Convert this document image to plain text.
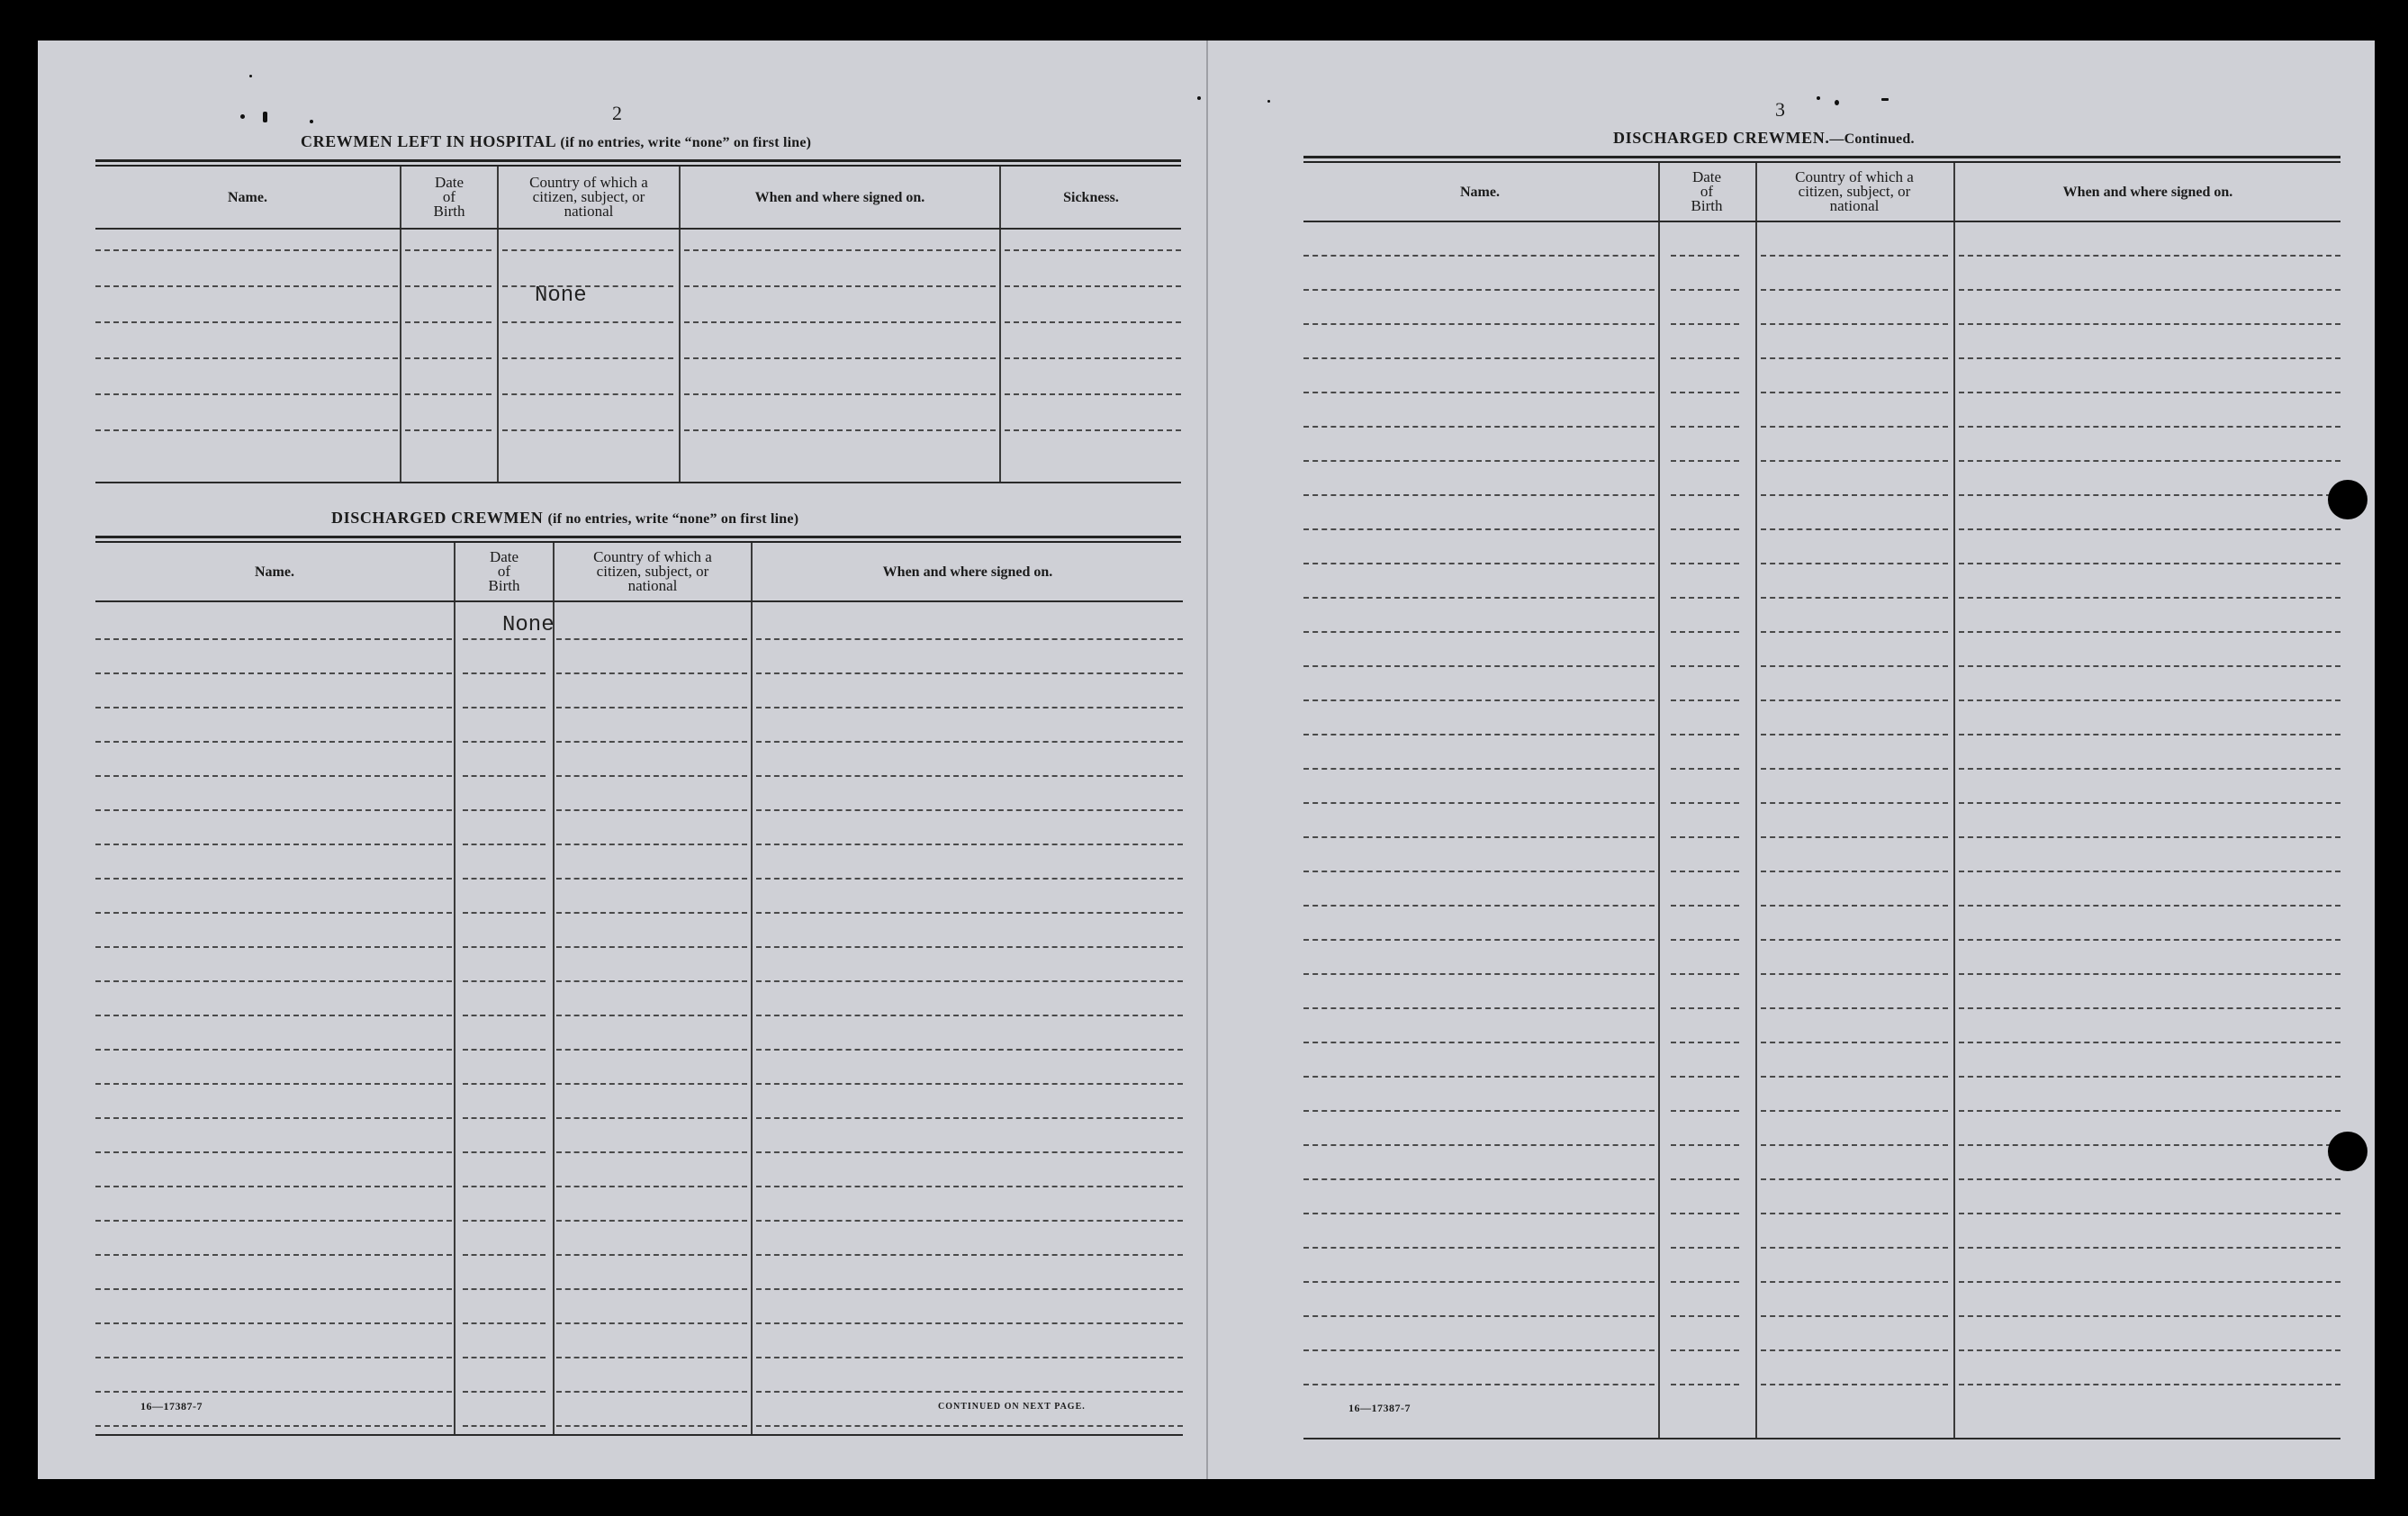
2
CREWMEN LEFT IN HOSPITAL (if no entries, write “none” on first line)
Name.
Date
of
Birth
Country of which a
citizen, subject, or
national
When and where signed on.	Sickness.
None
DISCHARGED CREWMEN (if no entries, write “none” on first line)
Name.
Date
of
Birth
Country of which a
citizen, subject, or
national
When and where signed on.
None
16—17387-7	CONTINUED ON NEXT PAGE.
3
DISCHARGED CREWMEN.—Continued.
Name.
Date
of
Birth
Country of which a
citizen, subject, or
national
When and where signed on.
16—17387-7
